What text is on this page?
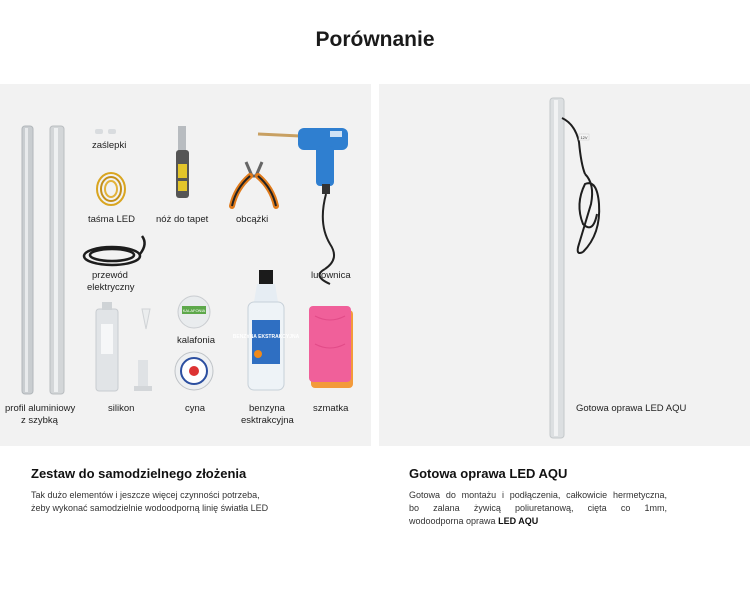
Porównanie
KALAFONIA
BENZYNA EKSTRAKCYJNA
zaślepki
taśma LED nóż do tapet	obcążki
lutownica
przewód
elektryczny
kalafonia
profil aluminiowy
z szybką
silikon	cyna	benzyna
esktrakcyjna
szmatka
12V
Gotowa oprawa LED AQU
Zestaw do samodzielnego złożenia
Tak dużo elementów i jeszcze więcej czynności potrzeba,
żeby wykonać samodzielnie wodoodporną linię światła LED
Gotowa oprawa LED AQU
Gotowa do montażu i podłączenia, całkowicie hermetyczna,
bo zalana żywicą poliuretanową, cięta co 1mm,
wodoodporna oprawa LED AQU
